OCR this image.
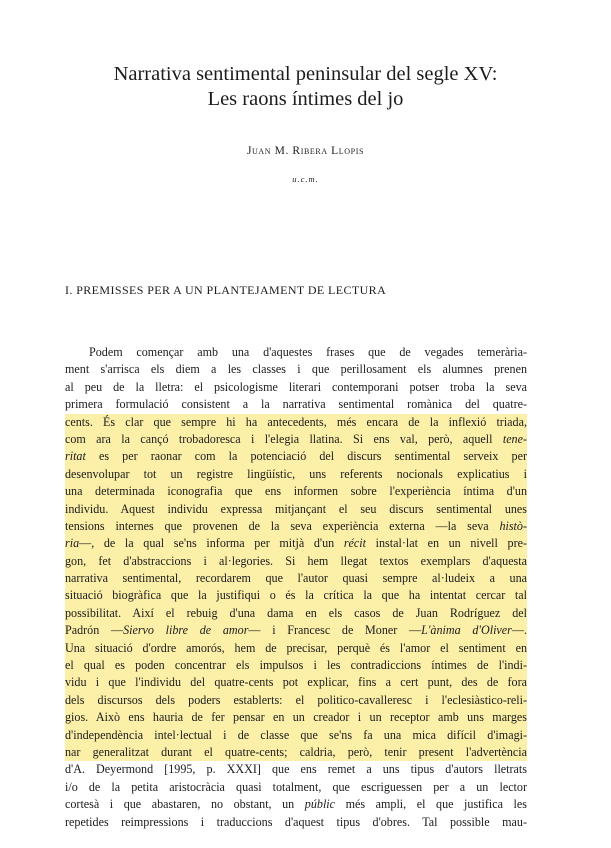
Narrativa sentimental peninsular del segle XV:
Les raons íntimes del jo
Juan M. Ribera Llopis
u.c.m.
I. PREMISSES PER A UN PLANTEJAMENT DE LECTURA
Podem començar amb una d'aquestes frases que de vegades temerària-
ment s'arrisca els diem a les classes i que perillosament els alumnes prenen
al peu de la lletra: el psicologisme literari contemporani potser troba la seva
primera formulació consistent a la narrativa sentimental romànica del quatre-
cents. És clar que sempre hi ha antecedents, més encara de la inflexió triada,
com ara la cançó trobadoresca i l'elegia llatina. Si ens val, però, aquell tene-
ritat es per raonar com la potenciació del discurs sentimental serveix per
desenvolupar tot un registre lingüístic, uns referents nocionals explicatius i
una determinada iconografia que ens informen sobre l'experiència íntima d'un
individu. Aquest individu expressa mitjançant el seu discurs sentimental unes
tensions internes que provenen de la seva experiència externa —la seva histò-
ria—, de la qual se'ns informa per mitjà d'un récit instal·lat en un nivell pre-
gon, fet d'abstraccions i al·legories. Si hem llegat textos exemplars d'aquesta
narrativa sentimental, recordarem que l'autor quasi sempre al·ludeix a una
situació biogràfica que la justifiqui o és la crítica la que ha intentat cercar tal
possibilitat. Així el rebuig d'una dama en els casos de Juan Rodríguez del
Padrón —Siervo libre de amor— i Francesc de Moner —L'ànima d'Oliver—.
Una situació d'ordre amorós, hem de precisar, perquè és l'amor el sentiment en
el qual es poden concentrar els impulsos i les contradiccions íntimes de l'indi-
vidu i que l'individu del quatre-cents pot explicar, fins a cert punt, des de fora
dels discursos dels poders establerts: el politico-cavalleresc i l'eclesiàstico-reli-
gios. Això ens hauria de fer pensar en un creador i un receptor amb uns marges
d'independència intel·lectual i de classe que se'ns fa una mica difícil d'imagi-
nar generalitzat durant el quatre-cents; caldria, però, tenir present l'advertència
d'A. Deyermond [1995, p. XXXI] que ens remet a uns tipus d'autors lletrats
i/o de la petita aristocràcia quasi totalment, que escriguessen per a un lector
cortesà i que abastaren, no obstant, un públic més ampli, el que justifica les
repetides reimpressions i traduccions d'aquest tipus d'obres. Tal possible mau-
